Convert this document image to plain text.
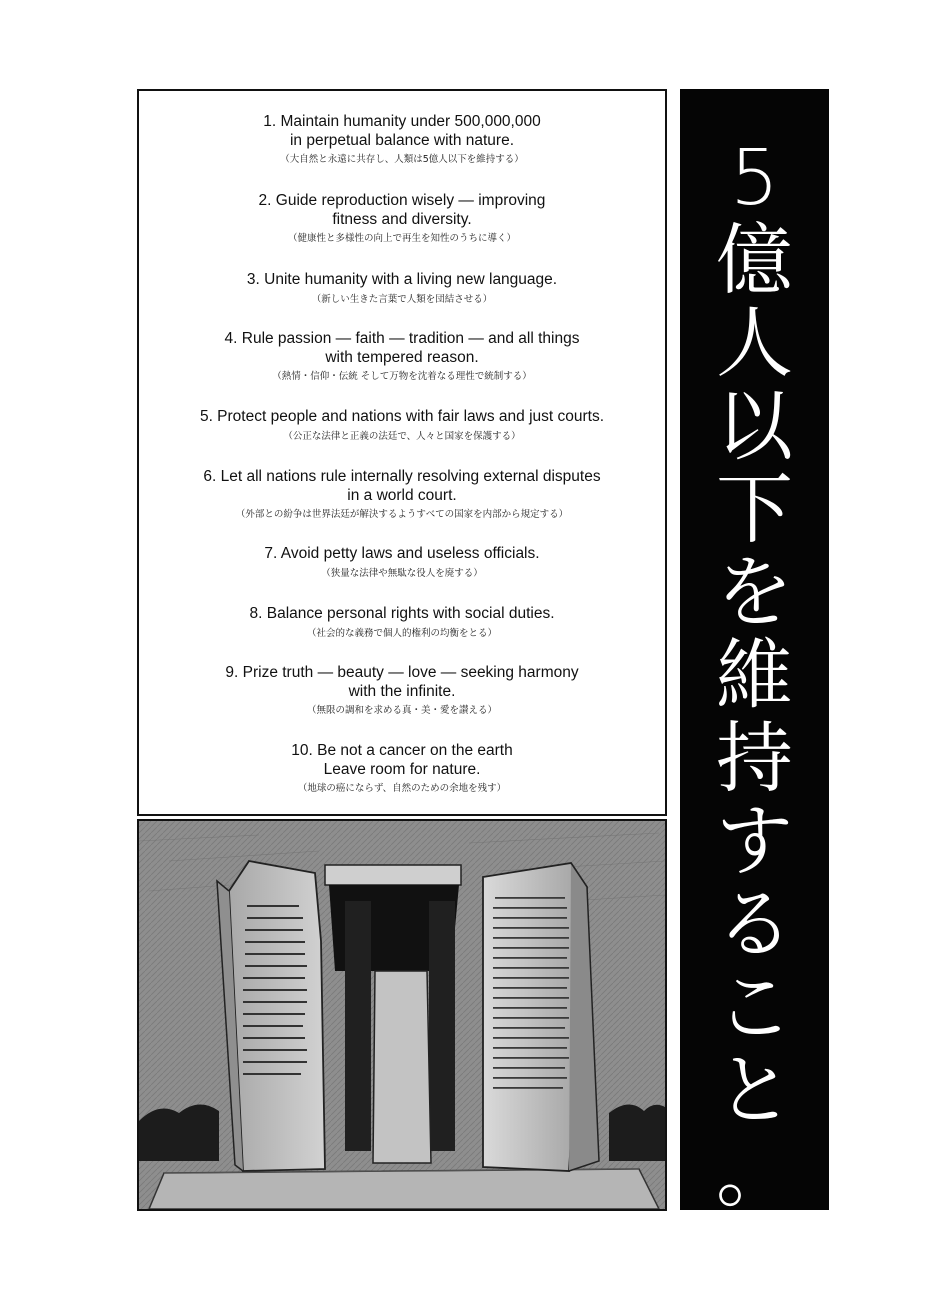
1. Maintain humanity under 500,000,000
in perpetual balance with nature.
（大自然と永遠に共存し、人類は5億人以下を維持する）
2. Guide reproduction wisely — improving
fitness and diversity.
（健康性と多様性の向上で再生を知性のうちに導く）
3. Unite humanity with a living new language.
（新しい生きた言葉で人類を団結させる）
4. Rule passion — faith — tradition — and all things
with tempered reason.
（熱情・信仰・伝統 そして万物を沈着なる理性で統制する）
5. Protect people and nations with fair laws and just courts.
（公正な法律と正義の法廷で、人々と国家を保護する）
6. Let all nations rule internally resolving external disputes
in a world court.
（外部との紛争は世界法廷が解決するようすべての国家を内部から規定する）
7. Avoid petty laws and useless officials.
（狭量な法律や無駄な役人を廃する）
8. Balance personal rights with social duties.
（社会的な義務で個人的権利の均衡をとる）
9. Prize truth — beauty — love — seeking harmony
with the infinite.
（無限の調和を求める真・美・愛を讃える）
10. Be not a cancer on the earth
Leave room for nature.
（地球の癌にならず、自然のための余地を残す）
5
億
人
以
下
を
維
持
す
る
こ
と
。
